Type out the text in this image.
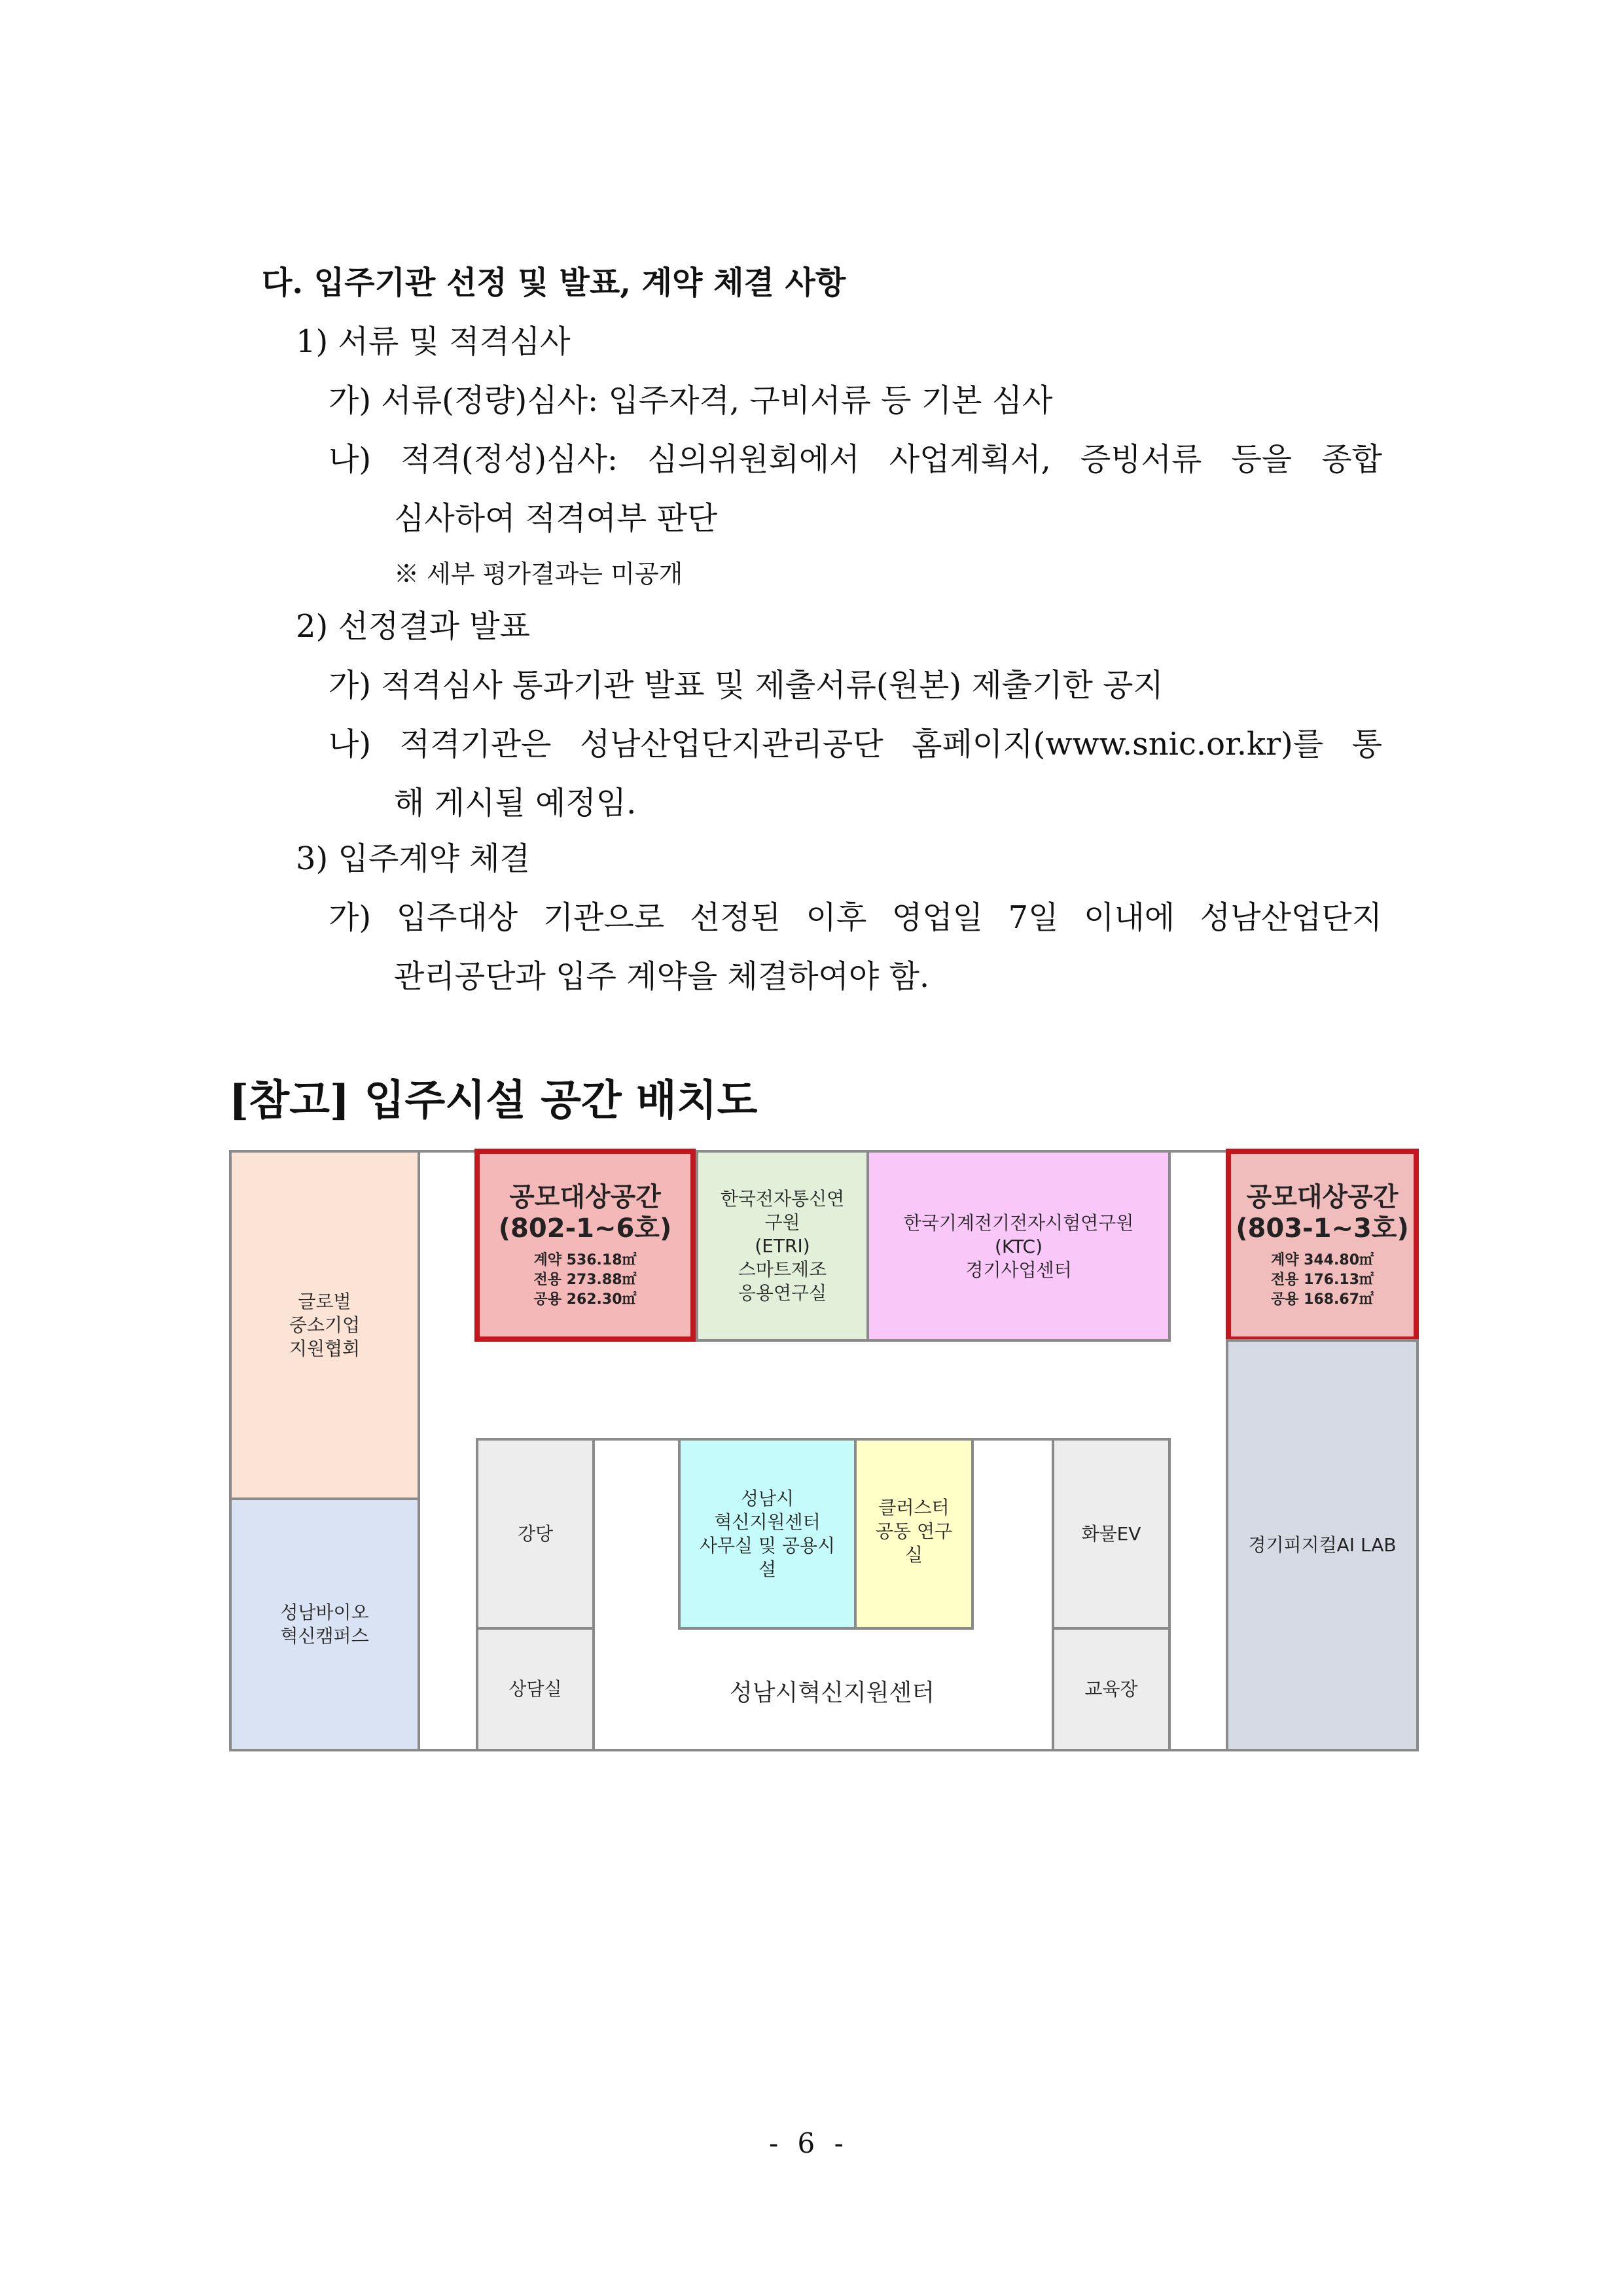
다. 입주기관 선정 및 발표, 계약 체결 사항
1) 서류 및 적격심사
가) 서류(정량)심사: 입주자격, 구비서류 등 기본 심사
나) 적격(정성)심사: 심의위원회에서 사업계획서, 증빙서류 등을 종합
심사하여 적격여부 판단
※ 세부 평가결과는 미공개
2) 선정결과 발표
가) 적격심사 통과기관 발표 및 제출서류(원본) 제출기한 공지
나) 적격기관은 성남산업단지관리공단 홈페이지(www.snic.or.kr)를 통
해 게시될 예정임.
3) 입주계약 체결
가) 입주대상 기관으로 선정된 이후 영업일 7일 이내에 성남산업단지
관리공단과 입주 계약을 체결하여야 함.
[참고] 입주시설 공간 배치도
글로벌
중소기업
지원협회
성남바이오
혁신캠퍼스
공모대상공간
(802-1~6호)
계약 536.18㎡
전용 273.88㎡
공용 262.30㎡
한국전자통신연
구원
(ETRI)
스마트제조
응용연구실
한국기계전기전자시험연구원
(KTC)
경기사업센터
공모대상공간
(803-1~3호)
계약 344.80㎡
전용 176.13㎡
공용 168.67㎡
경기피지컬AI LAB
강당
상담실
성남시
혁신지원센터
사무실 및 공용시
설
클러스터
공동 연구
실
화물EV
교육장
성남시혁신지원센터
- 6 -
